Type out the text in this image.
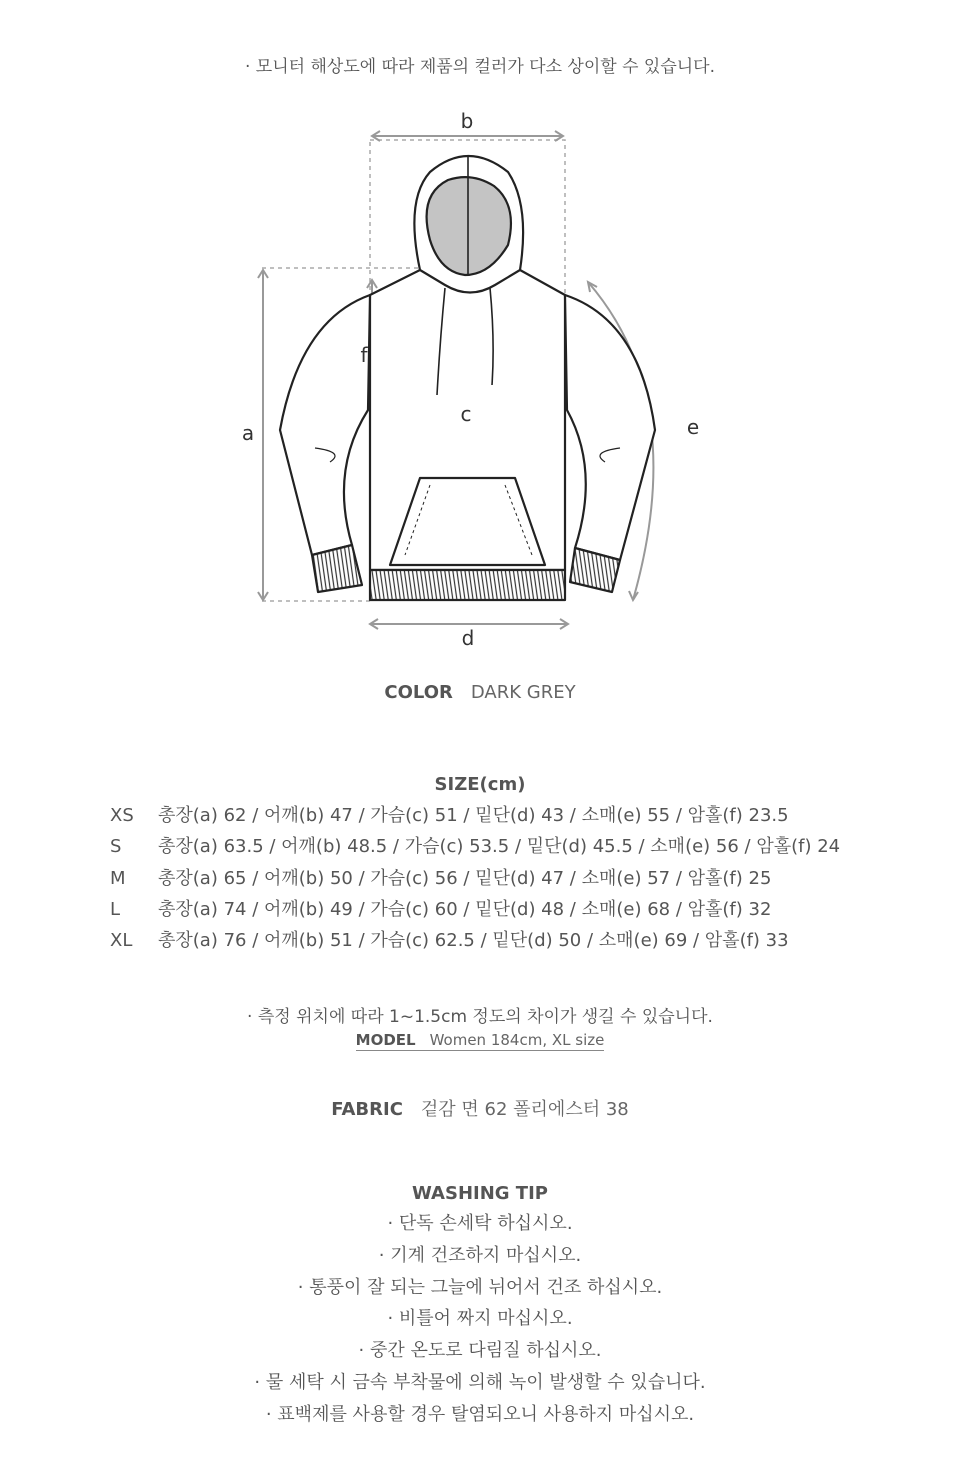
· 모니터 해상도에 따라 제품의 컬러가 다소 상이할 수 있습니다.
b
a
f
c
e
d
COLOR DARK GREY
SIZE(cm)
XS 총장(a) 62 / 어깨(b) 47 / 가슴(c) 51 / 밑단(d) 43 / 소매(e) 55 / 암홀(f) 23.5
S 총장(a) 63.5 / 어깨(b) 48.5 / 가슴(c) 53.5 / 밑단(d) 45.5 / 소매(e) 56 / 암홀(f) 24
M 총장(a) 65 / 어깨(b) 50 / 가슴(c) 56 / 밑단(d) 47 / 소매(e) 57 / 암홀(f) 25
L 총장(a) 74 / 어깨(b) 49 / 가슴(c) 60 / 밑단(d) 48 / 소매(e) 68 / 암홀(f) 32
XL 총장(a) 76 / 어깨(b) 51 / 가슴(c) 62.5 / 밑단(d) 50 / 소매(e) 69 / 암홀(f) 33
· 측정 위치에 따라 1~1.5cm 정도의 차이가 생길 수 있습니다.
MODEL Women 184cm, XL size
FABRIC 겉감 면 62 폴리에스터 38
WASHING TIP
· 단독 손세탁 하십시오.
· 기계 건조하지 마십시오.
· 통풍이 잘 되는 그늘에 뉘어서 건조 하십시오.
· 비틀어 짜지 마십시오.
· 중간 온도로 다림질 하십시오.
· 물 세탁 시 금속 부착물에 의해 녹이 발생할 수 있습니다.
· 표백제를 사용할 경우 탈염되오니 사용하지 마십시오.
